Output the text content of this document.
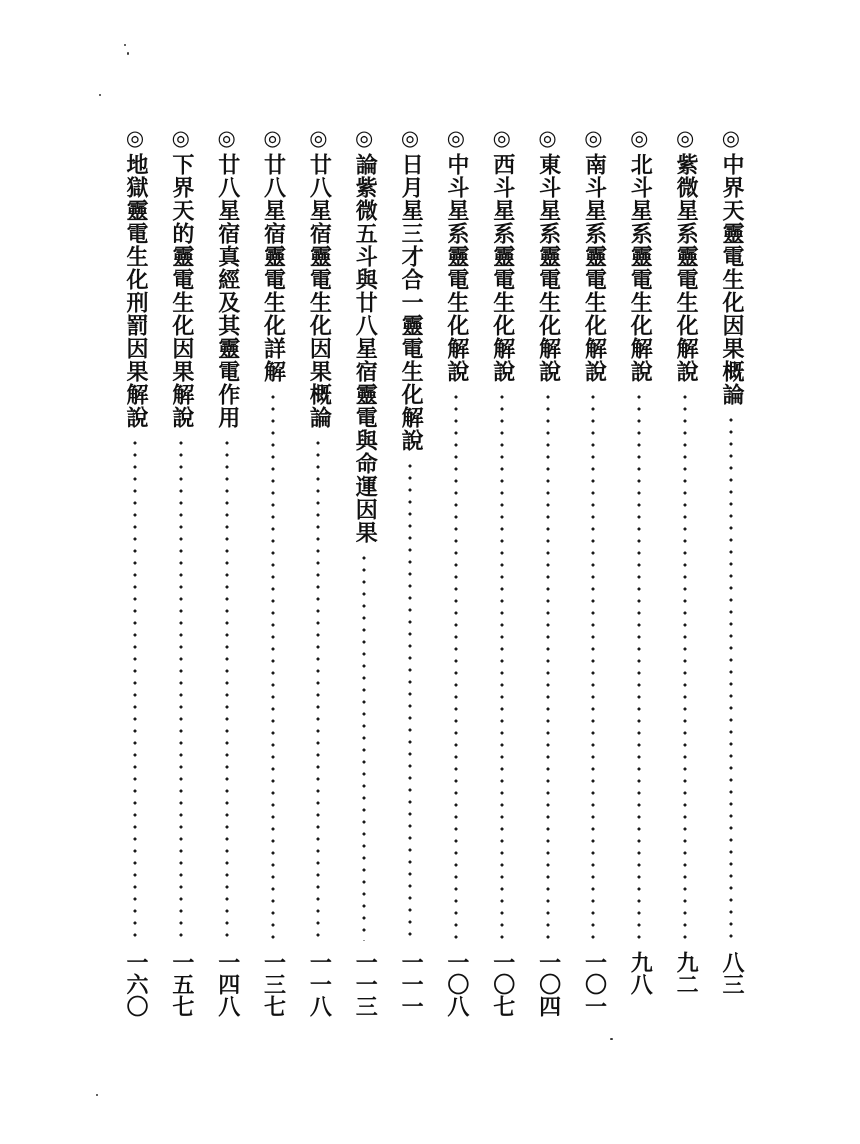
◎
中界天靈電生化因果概論
八三
◎
紫微星系靈電生化解說
九二
◎
北斗星系靈電生化解說
九八
◎
南斗星系靈電生化解說
一〇一
◎
東斗星系靈電生化解說
一〇四
◎
西斗星系靈電生化解說
一〇七
◎
中斗星系靈電生化解說
一〇八
◎
日月星三才合一靈電生化解說
一一一
◎
論紫微五斗與廿八星宿靈電與命運因果
一一三
◎
廿八星宿靈電生化因果概論
一一八
◎
廿八星宿靈電生化詳解
一三七
◎
廿八星宿真經及其靈電作用
一四八
◎
下界天的靈電生化因果解說
一五七
◎
地獄靈電生化刑罰因果解說
一六〇
